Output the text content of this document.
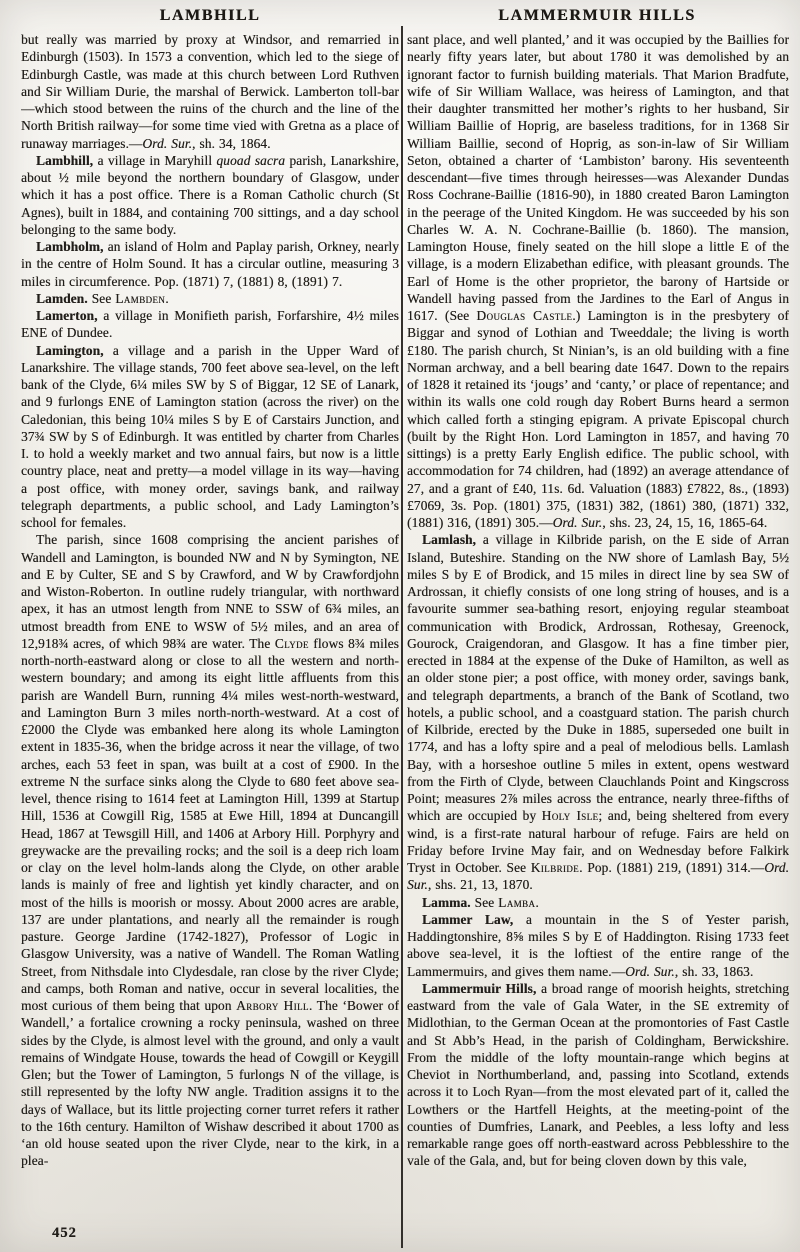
LAMBHILL	LAMMERMUIR HILLS

but really was married by proxy at Windsor, and remarried in Edinburgh (1503). In 1573 a convention, which led to the siege of Edinburgh Castle, was made at this church between Lord Ruthven and Sir William Durie, the marshal of Berwick. Lamberton toll-bar—which stood between the ruins of the church and the line of the North British railway—for some time vied with Gretna as a place of runaway marriages.—Ord. Sur., sh. 34, 1864.

Lambhill, a village in Maryhill quoad sacra parish, Lanarkshire, about ½ mile beyond the northern boundary of Glasgow, under which it has a post office. There is a Roman Catholic church (St Agnes), built in 1884, and containing 700 sittings, and a day school belonging to the same body.

Lambholm, an island of Holm and Paplay parish, Orkney, nearly in the centre of Holm Sound. It has a circular outline, measuring 3 miles in circumference. Pop. (1871) 7, (1881) 8, (1891) 7.

Lamden. See Lambden.

Lamerton, a village in Monifieth parish, Forfarshire, 4½ miles ENE of Dundee.

Lamington, a village and a parish in the Upper Ward of Lanarkshire. The village stands, 700 feet above sea-level, on the left bank of the Clyde, 6¼ miles SW by S of Biggar, 12 SE of Lanark, and 9 furlongs ENE of Lamington station (across the river) on the Caledonian, this being 10¼ miles S by E of Carstairs Junction, and 37¾ SW by S of Edinburgh. It was entitled by charter from Charles I. to hold a weekly market and two annual fairs, but now is a little country place, neat and pretty—a model village in its way—having a post office, with money order, savings bank, and railway telegraph departments, a public school, and Lady Lamington’s school for females.

The parish, since 1608 comprising the ancient parishes of Wandell and Lamington, is bounded NW and N by Symington, NE and E by Culter, SE and S by Crawford, and W by Crawfordjohn and Wiston-Roberton. In outline rudely triangular, with northward apex, it has an utmost length from NNE to SSW of 6¾ miles, an utmost breadth from ENE to WSW of 5½ miles, and an area of 12,918¾ acres, of which 98¾ are water. The Clyde flows 8¾ miles north-north-eastward along or close to all the western and north-western boundary; and among its eight little affluents from this parish are Wandell Burn, running 4¼ miles west-north-westward, and Lamington Burn 3 miles north-north-westward. At a cost of £2000 the Clyde was embanked here along its whole Lamington extent in 1835-36, when the bridge across it near the village, of two arches, each 53 feet in span, was built at a cost of £900. In the extreme N the surface sinks along the Clyde to 680 feet above sea-level, thence rising to 1614 feet at Lamington Hill, 1399 at Startup Hill, 1536 at Cowgill Rig, 1585 at Ewe Hill, 1894 at Duncangill Head, 1867 at Tewsgill Hill, and 1406 at Arbory Hill. Porphyry and greywacke are the prevailing rocks; and the soil is a deep rich loam or clay on the level holm-lands along the Clyde, on other arable lands is mainly of free and lightish yet kindly character, and on most of the hills is moorish or mossy. About 2000 acres are arable, 137 are under plantations, and nearly all the remainder is rough pasture. George Jardine (1742-1827), Professor of Logic in Glasgow University, was a native of Wandell. The Roman Watling Street, from Nithsdale into Clydesdale, ran close by the river Clyde; and camps, both Roman and native, occur in several localities, the most curious of them being that upon Arbory Hill. The ‘Bower of Wandell,’ a fortalice crowning a rocky peninsula, washed on three sides by the Clyde, is almost level with the ground, and only a vault remains of Windgate House, towards the head of Cowgill or Keygill Glen; but the Tower of Lamington, 5 furlongs N of the village, is still represented by the lofty NW angle. Tradition assigns it to the days of Wallace, but its little projecting corner turret refers it rather to the 16th century. Hamilton of Wishaw described it about 1700 as ‘an old house seated upon the river Clyde, near to the kirk, in a plea-

sant place, and well planted,’ and it was occupied by the Baillies for nearly fifty years later, but about 1780 it was demolished by an ignorant factor to furnish building materials. That Marion Bradfute, wife of Sir William Wallace, was heiress of Lamington, and that their daughter transmitted her mother’s rights to her husband, Sir William Baillie of Hoprig, are baseless traditions, for in 1368 Sir William Baillie, second of Hoprig, as son-in-law of Sir William Seton, obtained a charter of ‘Lambiston’ barony. His seventeenth descendant—five times through heiresses—was Alexander Dundas Ross Cochrane-Baillie (1816-90), in 1880 created Baron Lamington in the peerage of the United Kingdom. He was succeeded by his son Charles W. A. N. Cochrane-Baillie (b. 1860). The mansion, Lamington House, finely seated on the hill slope a little E of the village, is a modern Elizabethan edifice, with pleasant grounds. The Earl of Home is the other proprietor, the barony of Hartside or Wandell having passed from the Jardines to the Earl of Angus in 1617. (See Douglas Castle.) Lamington is in the presbytery of Biggar and synod of Lothian and Tweeddale; the living is worth £180. The parish church, St Ninian’s, is an old building with a fine Norman archway, and a bell bearing date 1647. Down to the repairs of 1828 it retained its ‘jougs’ and ‘canty,’ or place of repentance; and within its walls one cold rough day Robert Burns heard a sermon which called forth a stinging epigram. A private Episcopal church (built by the Right Hon. Lord Lamington in 1857, and having 70 sittings) is a pretty Early English edifice. The public school, with accommodation for 74 children, had (1892) an average attendance of 27, and a grant of £40, 11s. 6d. Valuation (1883) £7822, 8s., (1893) £7069, 3s. Pop. (1801) 375, (1831) 382, (1861) 380, (1871) 332, (1881) 316, (1891) 305.—Ord. Sur., shs. 23, 24, 15, 16, 1865-64.

Lamlash, a village in Kilbride parish, on the E side of Arran Island, Buteshire. Standing on the NW shore of Lamlash Bay, 5½ miles S by E of Brodick, and 15 miles in direct line by sea SW of Ardrossan, it chiefly consists of one long string of houses, and is a favourite summer sea-bathing resort, enjoying regular steamboat communication with Brodick, Ardrossan, Rothesay, Greenock, Gourock, Craigendoran, and Glasgow. It has a fine timber pier, erected in 1884 at the expense of the Duke of Hamilton, as well as an older stone pier; a post office, with money order, savings bank, and telegraph departments, a branch of the Bank of Scotland, two hotels, a public school, and a coastguard station. The parish church of Kilbride, erected by the Duke in 1885, superseded one built in 1774, and has a lofty spire and a peal of melodious bells. Lamlash Bay, with a horseshoe outline 5 miles in extent, opens westward from the Firth of Clyde, between Clauchlands Point and Kingscross Point; measures 2⅞ miles across the entrance, nearly three-fifths of which are occupied by Holy Isle; and, being sheltered from every wind, is a first-rate natural harbour of refuge. Fairs are held on Friday before Irvine May fair, and on Wednesday before Falkirk Tryst in October. See Kilbride. Pop. (1881) 219, (1891) 314.—Ord. Sur., shs. 21, 13, 1870.

Lamma. See Lamba.

Lammer Law, a mountain in the S of Yester parish, Haddingtonshire, 8⅝ miles S by E of Haddington. Rising 1733 feet above sea-level, it is the loftiest of the entire range of the Lammermuirs, and gives them name.—Ord. Sur., sh. 33, 1863.

Lammermuir Hills, a broad range of moorish heights, stretching eastward from the vale of Gala Water, in the SE extremity of Midlothian, to the German Ocean at the promontories of Fast Castle and St Abb’s Head, in the parish of Coldingham, Berwickshire. From the middle of the lofty mountain-range which begins at Cheviot in Northumberland, and, passing into Scotland, extends across it to Loch Ryan—from the most elevated part of it, called the Lowthers or the Hartfell Heights, at the meeting-point of the counties of Dumfries, Lanark, and Peebles, a less lofty and less remarkable range goes off north-eastward across Pebblesshire to the vale of the Gala, and, but for being cloven down by this vale,

452
